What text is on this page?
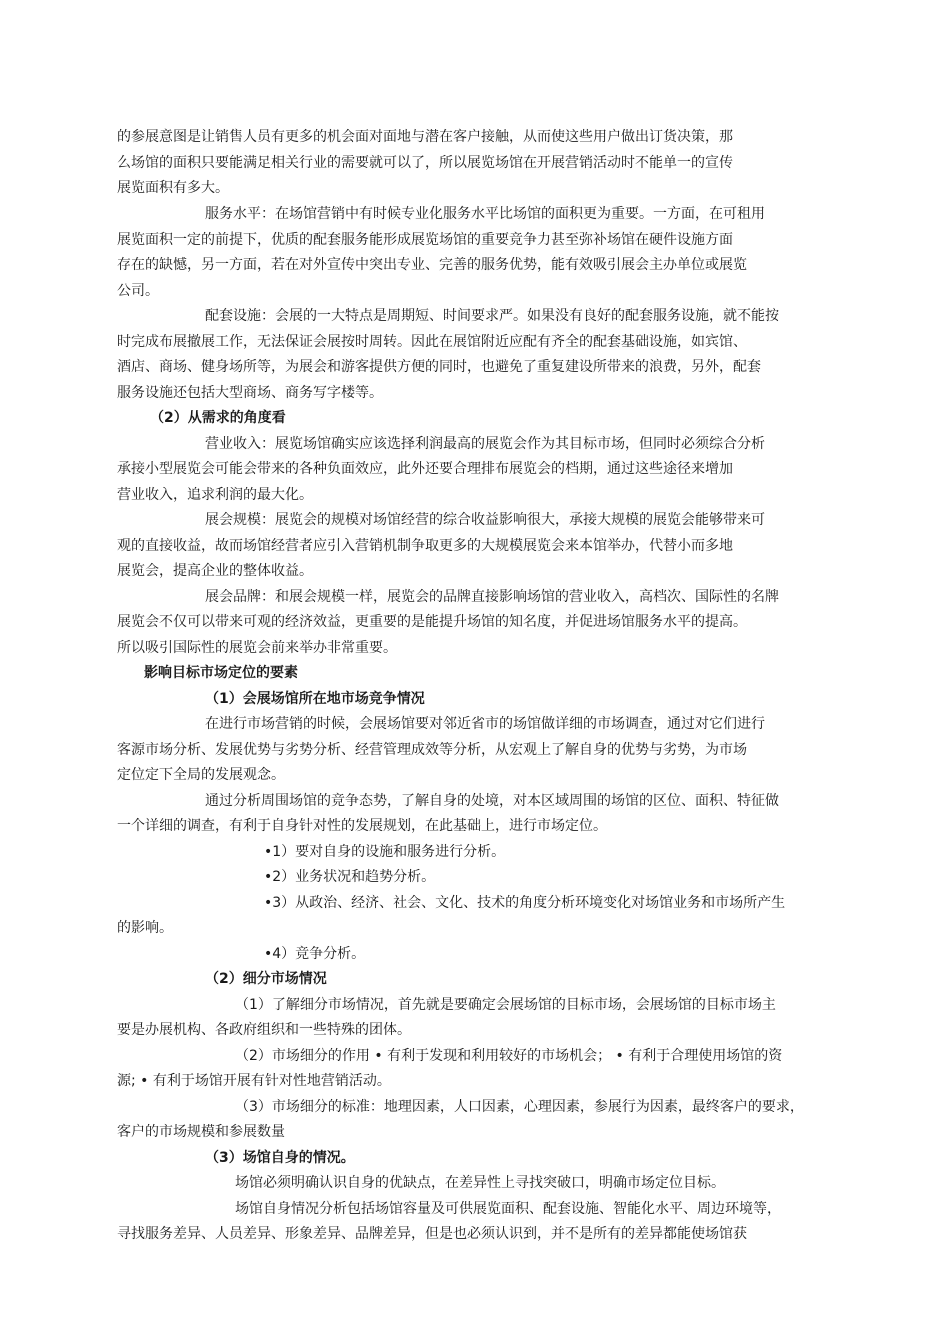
的参展意图是让销售人员有更多的机会面对面地与潜在客户接触，从而使这些用户做出订货决策，那

么场馆的面积只要能满足相关行业的需要就可以了，所以展览场馆在开展营销活动时不能单一的宣传

展览面积有多大。

服务水平：在场馆营销中有时候专业化服务水平比场馆的面积更为重要。一方面，在可租用

展览面积一定的前提下，优质的配套服务能形成展览场馆的重要竞争力甚至弥补场馆在硬件设施方面

存在的缺憾，另一方面，若在对外宣传中突出专业、完善的服务优势，能有效吸引展会主办单位或展览

公司。

配套设施：会展的一大特点是周期短、时间要求严。如果没有良好的配套服务设施，就不能按

时完成布展撤展工作，无法保证会展按时周转。因此在展馆附近应配有齐全的配套基础设施，如宾馆、

酒店、商场、健身场所等，为展会和游客提供方便的同时，也避免了重复建设所带来的浪费，另外，配套

服务设施还包括大型商场、商务写字楼等。

（2）从需求的角度看

营业收入：展览场馆确实应该选择利润最高的展览会作为其目标市场，但同时必须综合分析

承接小型展览会可能会带来的各种负面效应，此外还要合理排布展览会的档期，通过这些途径来增加

营业收入，追求利润的最大化。

展会规模：展览会的规模对场馆经营的综合收益影响很大，承接大规模的展览会能够带来可

观的直接收益，故而场馆经营者应引入营销机制争取更多的大规模展览会来本馆举办，代替小而多地

展览会，提高企业的整体收益。

展会品牌：和展会规模一样，展览会的品牌直接影响场馆的营业收入，高档次、国际性的名牌

展览会不仅可以带来可观的经济效益，更重要的是能提升场馆的知名度，并促进场馆服务水平的提高。

所以吸引国际性的展览会前来举办非常重要。

影响目标市场定位的要素

（1）会展场馆所在地市场竞争情况

在进行市场营销的时候，会展场馆要对邻近省市的场馆做详细的市场调查，通过对它们进行

客源市场分析、发展优势与劣势分析、经营管理成效等分析，从宏观上了解自身的优势与劣势，为市场

定位定下全局的发展观念。

通过分析周围场馆的竞争态势，了解自身的处境，对本区域周围的场馆的区位、面积、特征做

一个详细的调查，有利于自身针对性的发展规划，在此基础上，进行市场定位。

•1）要对自身的设施和服务进行分析。

•2）业务状况和趋势分析。

•3）从政治、经济、社会、文化、技术的角度分析环境变化对场馆业务和市场所产生

的影响。

•4）竞争分析。

（2）细分市场情况

（1）了解细分市场情况，首先就是要确定会展场馆的目标市场，会展场馆的目标市场主

要是办展机构、各政府组织和一些特殊的团体。

（2）市场细分的作用 • 有利于发现和利用较好的市场机会； • 有利于合理使用场馆的资

源; • 有利于场馆开展有针对性地营销活动。

（3）市场细分的标准：地理因素，人口因素，心理因素，参展行为因素，最终客户的要求，

客户的市场规模和参展数量

（3）场馆自身的情况。

场馆必须明确认识自身的优缺点，在差异性上寻找突破口，明确市场定位目标。

场馆自身情况分析包括场馆容量及可供展览面积、配套设施、智能化水平、周边环境等，

寻找服务差异、人员差异、形象差异、品牌差异，但是也必须认识到，并不是所有的差异都能使场馆获
